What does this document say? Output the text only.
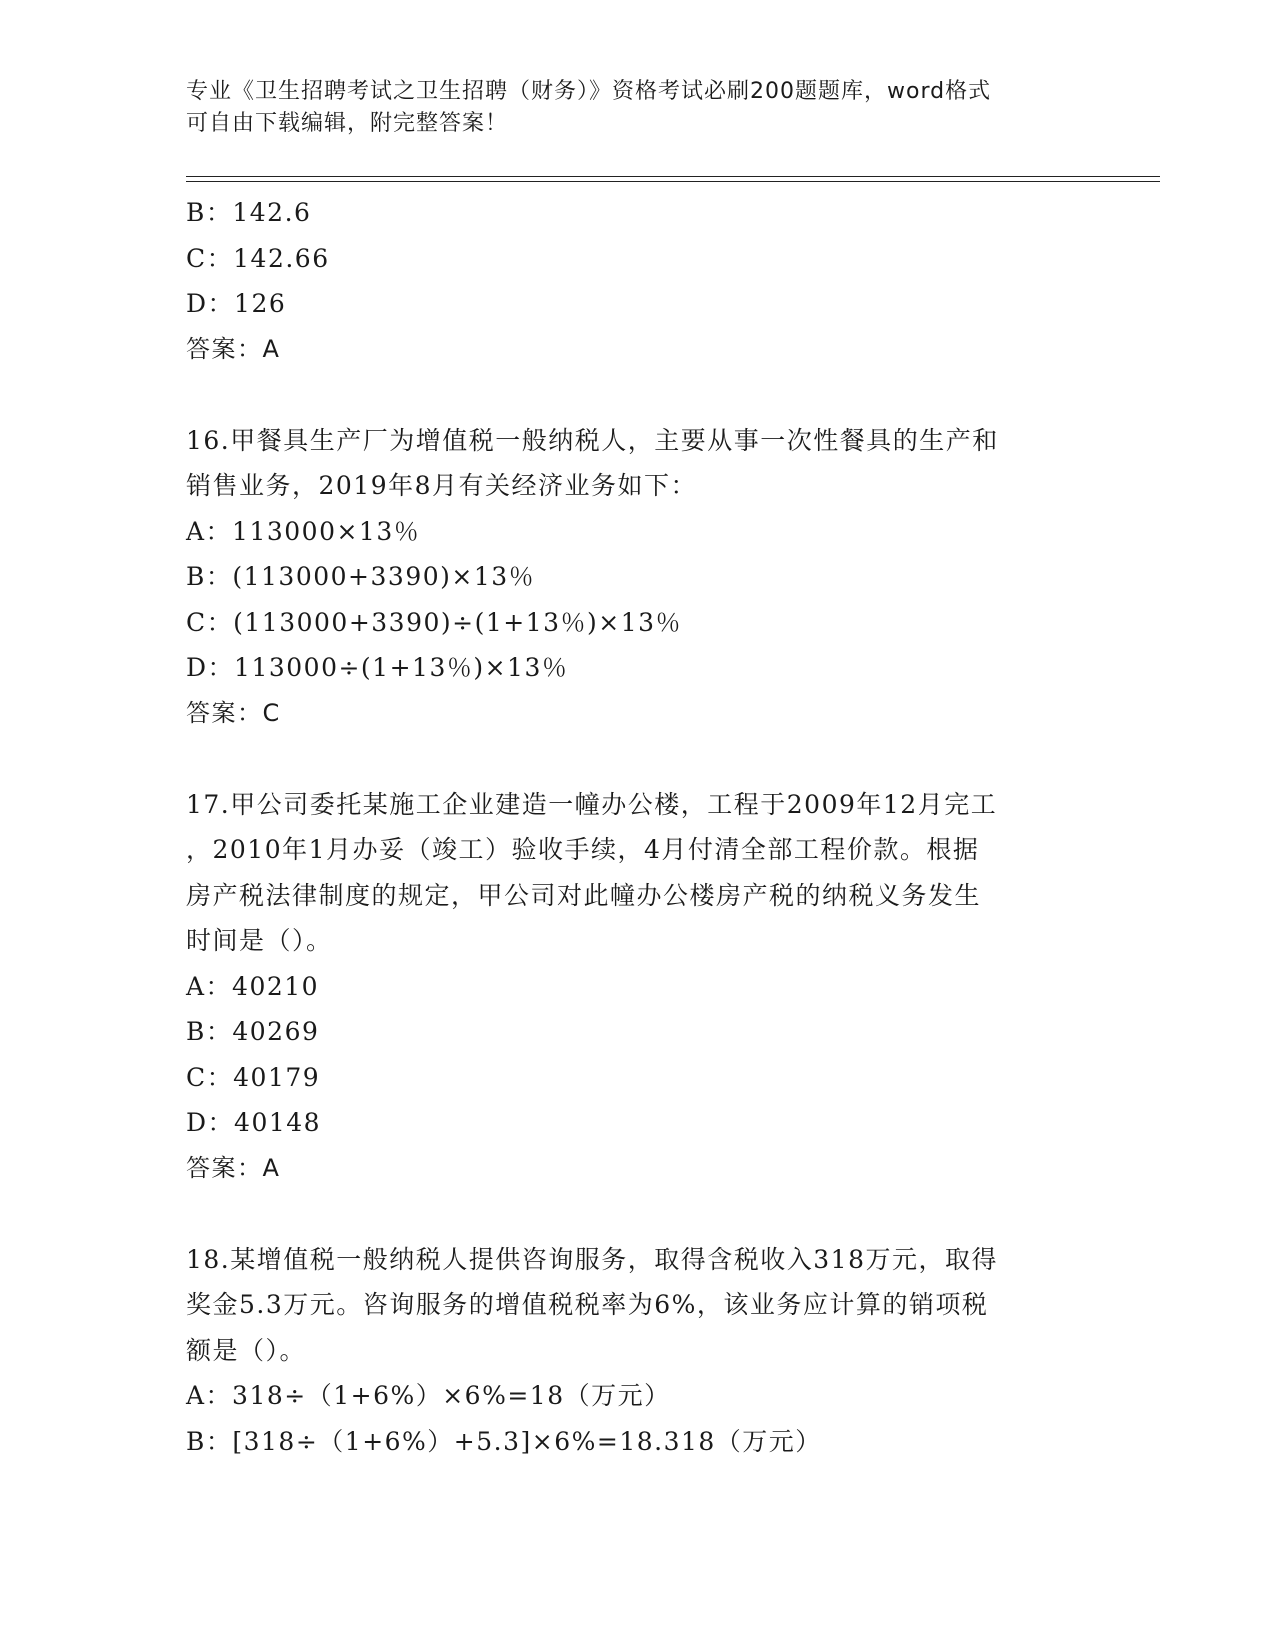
专业《卫生招聘考试之卫生招聘（财务）》资格考试必刷200题题库，word格式
可自由下载编辑，附完整答案！
B：142.6
C：142.66
D：126
答案：A
16.甲餐具生产厂为增值税一般纳税人，主要从事一次性餐具的生产和
销售业务，2019年8月有关经济业务如下：
A：113000×13％
B：(113000+3390)×13％
C：(113000+3390)÷(1+13％)×13％
D：113000÷(1+13％)×13％
答案：C
17.甲公司委托某施工企业建造一幢办公楼，工程于2009年12月完工
，2010年1月办妥（竣工）验收手续，4月付清全部工程价款。根据
房产税法律制度的规定，甲公司对此幢办公楼房产税的纳税义务发生
时间是（）。
A：40210
B：40269
C：40179
D：40148
答案：A
18.某增值税一般纳税人提供咨询服务，取得含税收入318万元，取得
奖金5.3万元。咨询服务的增值税税率为6%，该业务应计算的销项税
额是（）。
A：318÷（1+6%）×6%=18（万元）
B：[318÷（1+6%）+5.3]×6%=18.318（万元）
